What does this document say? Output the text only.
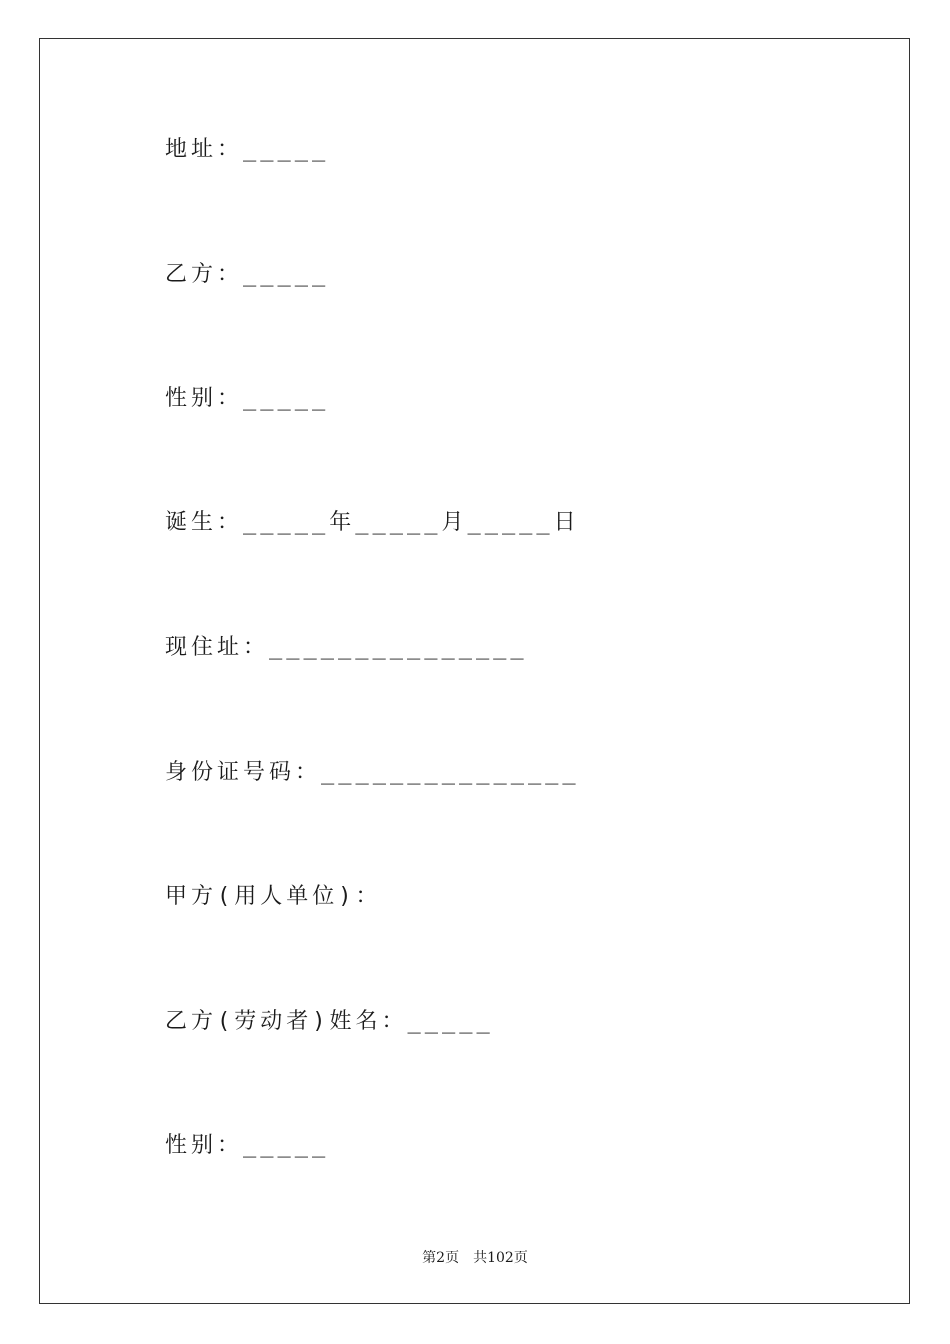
地址：_____
乙方：_____
性别：_____
诞生：_____年_____月_____日
现住址：_______________
身份证号码：_______________
甲方(用人单位)：
乙方(劳动者)姓名：_____
性别：_____
第2页 共102页
